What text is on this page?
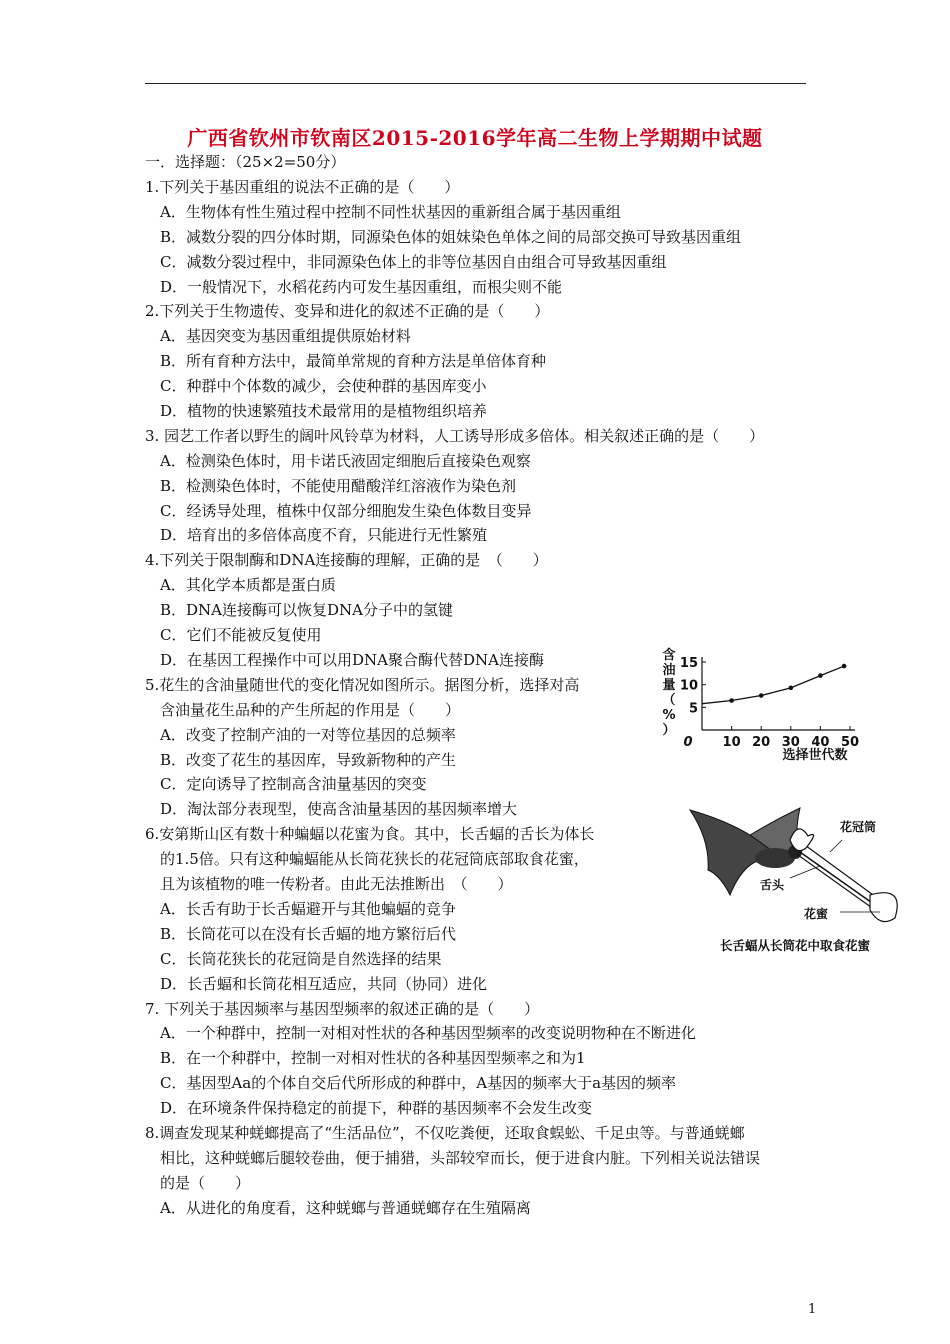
广西省钦州市钦南区2015-2016学年高二生物上学期期中试题
一．选择题：（25×2=50分）
1.下列关于基因重组的说法不正确的是（　　）
A．生物体有性生殖过程中控制不同性状基因的重新组合属于基因重组
B．减数分裂的四分体时期，同源染色体的姐妹染色单体之间的局部交换可导致基因重组
C．减数分裂过程中，非同源染色体上的非等位基因自由组合可导致基因重组
D．一般情况下，水稻花药内可发生基因重组，而根尖则不能
2.下列关于生物遗传、变异和进化的叙述不正确的是（　　）
A．基因突变为基因重组提供原始材料
B．所有育种方法中，最简单常规的育种方法是单倍体育种
C．种群中个体数的减少，会使种群的基因库变小
D．植物的快速繁殖技术最常用的是植物组织培养
3. 园艺工作者以野生的阔叶风铃草为材料，人工诱导形成多倍体。相关叙述正确的是（　　）
A．检测染色体时，用卡诺氏液固定细胞后直接染色观察
B．检测染色体时，不能使用醋酸洋红溶液作为染色剂
C．经诱导处理，植株中仅部分细胞发生染色体数目变异
D．培育出的多倍体高度不育，只能进行无性繁殖
4.下列关于限制酶和DNA连接酶的理解，正确的是　（　　）
A．其化学本质都是蛋白质
B．DNA连接酶可以恢复DNA分子中的氢键
C．它们不能被反复使用
D．在基因工程操作中可以用DNA聚合酶代替DNA连接酶
5.花生的含油量随世代的变化情况如图所示。据图分析，选择对高
含油量花生品种的产生所起的作用是（　　）
A．改变了控制产油的一对等位基因的总频率
B．改变了花生的基因库，导致新物种的产生
C．定向诱导了控制高含油量基因的突变
D．淘汰部分表现型，使高含油量基因的基因频率增大
6.安第斯山区有数十种蝙蝠以花蜜为食。其中，长舌蝠的舌长为体长
的1.5倍。只有这种蝙蝠能从长筒花狭长的花冠筒底部取食花蜜，
且为该植物的唯一传粉者。由此无法推断出　（　　）
A．长舌有助于长舌蝠避开与其他蝙蝠的竞争
B．长筒花可以在没有长舌蝠的地方繁衍后代
C．长筒花狭长的花冠筒是自然选择的结果
D．长舌蝠和长筒花相互适应，共同（协同）进化
7. 下列关于基因频率与基因型频率的叙述正确的是（　　）
A．一个种群中，控制一对相对性状的各种基因型频率的改变说明物种在不断进化
B．在一个种群中，控制一对相对性状的各种基因型频率之和为1
C．基因型Aa的个体自交后代所形成的种群中，A基因的频率大于a基因的频率
D．在环境条件保持稳定的前提下，种群的基因频率不会发生改变
8.调查发现某种蜣螂提高了“生活品位”，不仅吃粪便，还取食蜈蚣、千足虫等。与普通蜣螂
相比，这种蜣螂后腿较卷曲，便于捕猎，头部较窄而长，便于进食内脏。下列相关说法错误
的是（　　）
A．从进化的角度看，这种蜣螂与普通蜣螂存在生殖隔离
5
10
15
0 10 20 30 40 50
含油量（%）
选择世代数
花冠筒
舌头
花蜜
长舌蝠从长筒花中取食花蜜
1
